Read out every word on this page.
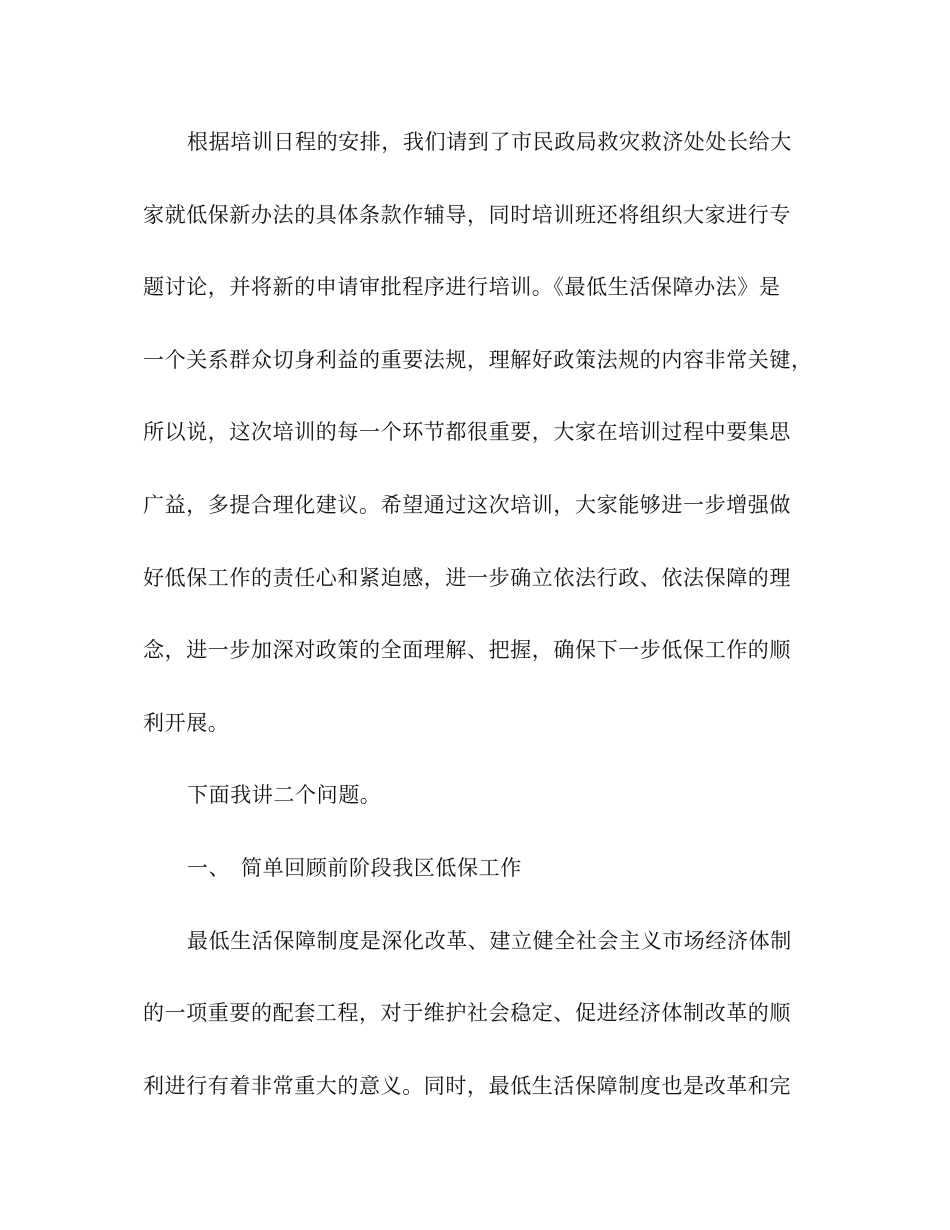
根据培训日程的安排，我们请到了市民政局救灾救济处处长给大
家就低保新办法的具体条款作辅导，同时培训班还将组织大家进行专
题讨论，并将新的申请审批程序进行培训。《最低生活保障办法》是
一个关系群众切身利益的重要法规，理解好政策法规的内容非常关键，
所以说，这次培训的每一个环节都很重要，大家在培训过程中要集思
广益，多提合理化建议。希望通过这次培训，大家能够进一步增强做
好低保工作的责任心和紧迫感，进一步确立依法行政、依法保障的理
念，进一步加深对政策的全面理解、把握，确保下一步低保工作的顺
利开展。
下面我讲二个问题。
一、 简单回顾前阶段我区低保工作
最低生活保障制度是深化改革、建立健全社会主义市场经济体制
的一项重要的配套工程，对于维护社会稳定、促进经济体制改革的顺
利进行有着非常重大的意义。同时，最低生活保障制度也是改革和完
